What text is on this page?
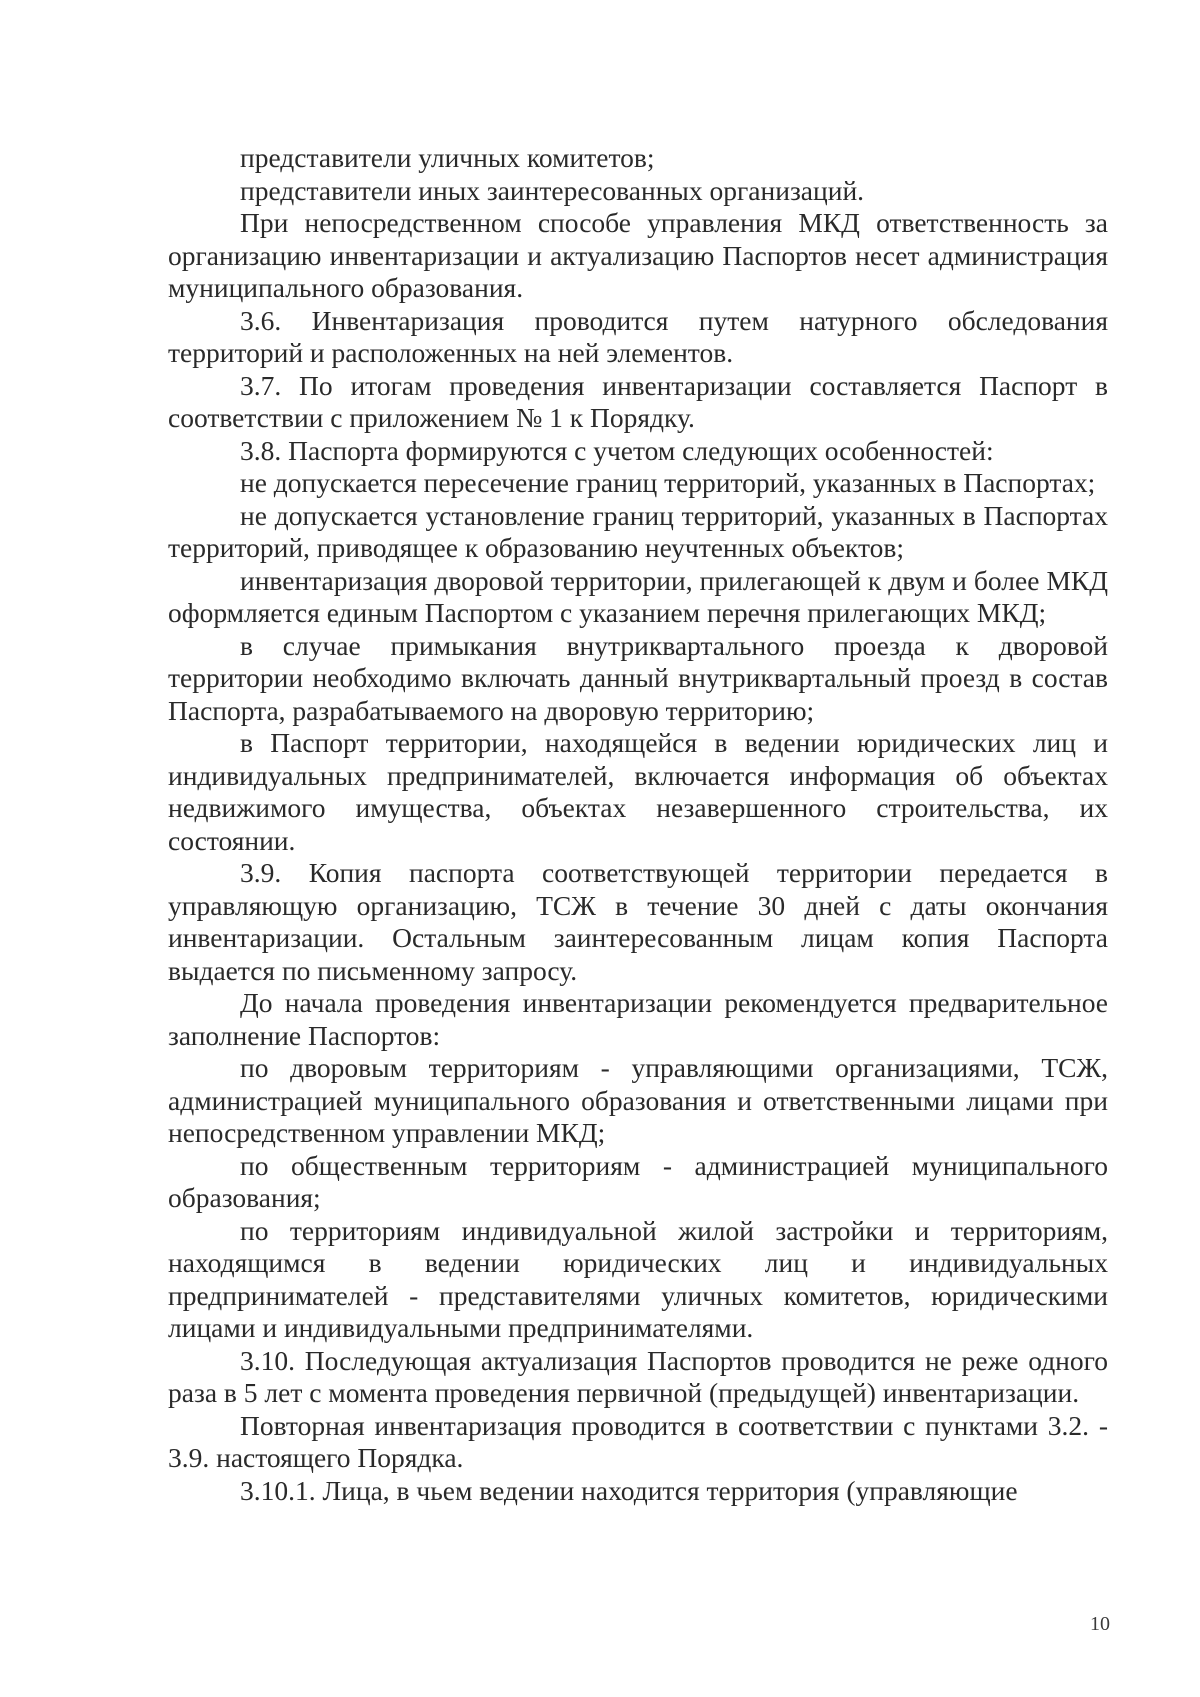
представители уличных комитетов;

представители иных заинтересованных организаций.

При непосредственном способе управления МКД ответственность за организацию инвентаризации и актуализацию Паспортов несет администрация муниципального образования.

3.6. Инвентаризация проводится путем натурного обследования территорий и расположенных на ней элементов.

3.7. По итогам проведения инвентаризации составляется Паспорт в соответствии с приложением № 1 к Порядку.

3.8. Паспорта формируются с учетом следующих особенностей:

не допускается пересечение границ территорий, указанных в Паспортах;

не допускается установление границ территорий, указанных в Паспортах территорий, приводящее к образованию неучтенных объектов;

инвентаризация дворовой территории, прилегающей к двум и более МКД оформляется единым Паспортом с указанием перечня прилегающих МКД;

в случае примыкания внутриквартального проезда к дворовой территории необходимо включать данный внутриквартальный проезд в состав Паспорта, разрабатываемого на дворовую территорию;

в Паспорт территории, находящейся в ведении юридических лиц и индивидуальных предпринимателей, включается информация об объектах недвижимого имущества, объектах незавершенного строительства, их состоянии.

3.9. Копия паспорта соответствующей территории передается в управляющую организацию, ТСЖ в течение 30 дней с даты окончания инвентаризации. Остальным заинтересованным лицам копия Паспорта выдается по письменному запросу.

До начала проведения инвентаризации рекомендуется предварительное заполнение Паспортов:

по дворовым территориям - управляющими организациями, ТСЖ, администрацией муниципального образования и ответственными лицами при непосредственном управлении МКД;

по общественным территориям - администрацией муниципального образования;

по территориям индивидуальной жилой застройки и территориям, находящимся в ведении юридических лиц и индивидуальных предпринимателей - представителями уличных комитетов, юридическими лицами и индивидуальными предпринимателями.

3.10. Последующая актуализация Паспортов проводится не реже одного раза в 5 лет с момента проведения первичной (предыдущей) инвентаризации.

Повторная инвентаризация проводится в соответствии с пунктами 3.2. - 3.9. настоящего Порядка.

3.10.1. Лица, в чьем ведении находится территория (управляющие

10
